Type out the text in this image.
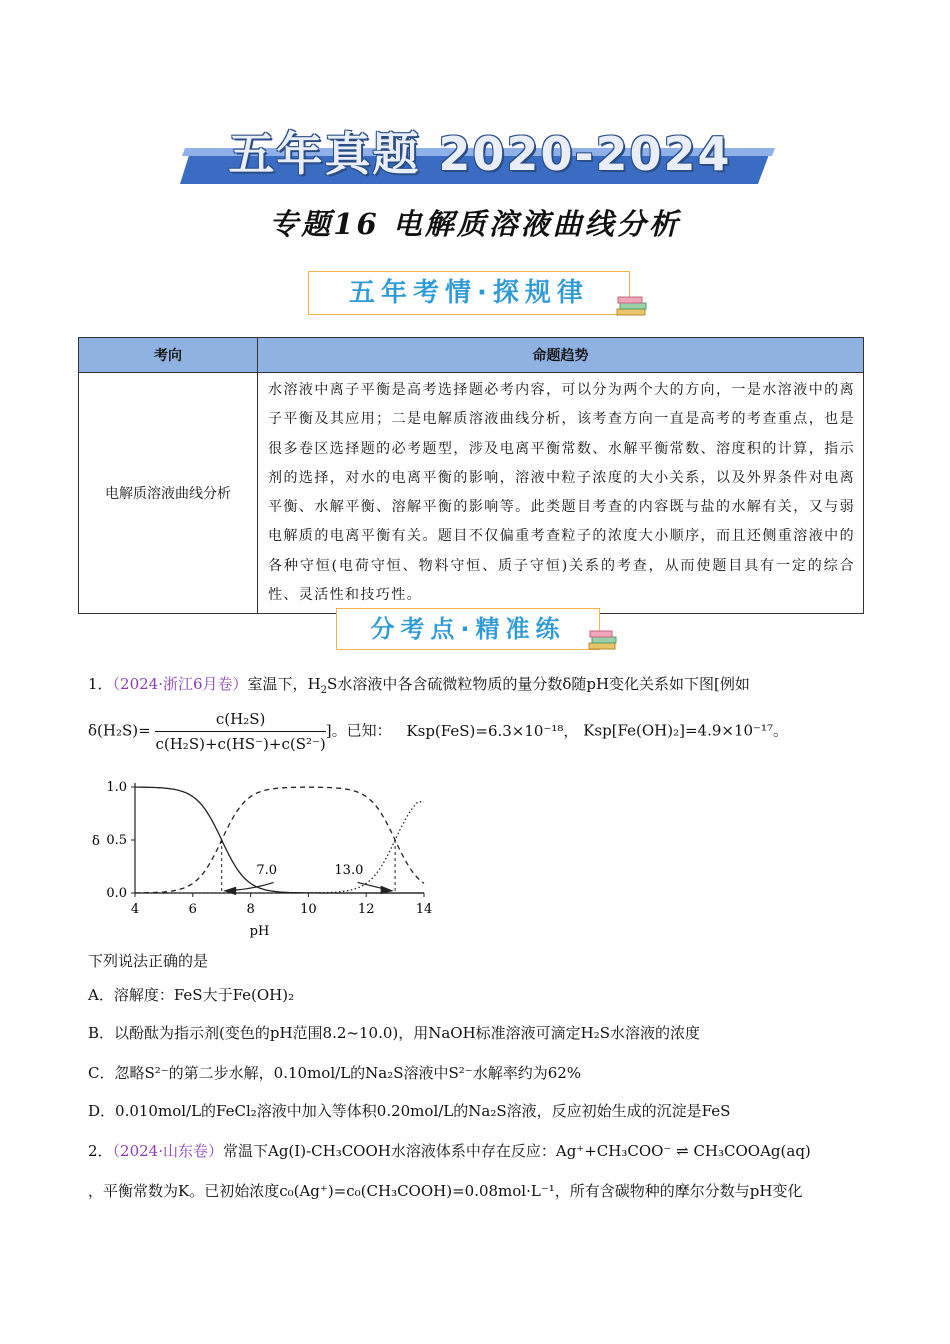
五年真题 2020-2024
专题16 电解质溶液曲线分析
五年考情·探规律
考向	命题趋势
电解质溶液曲线分析	水溶液中离子平衡是高考选择题必考内容，可以分为两个大的方向，一是水溶液中的离子平衡及其应用；二是电解质溶液曲线分析，该考查方向一直是高考的考查重点，也是很多卷区选择题的必考题型，涉及电离平衡常数、水解平衡常数、溶度积的计算，指示剂的选择，对水的电离平衡的影响，溶液中粒子浓度的大小关系，以及外界条件对电离平衡、水解平衡、溶解平衡的影响等。此类题目考查的内容既与盐的水解有关，又与弱电解质的电离平衡有关。题目不仅偏重考查粒子的浓度大小顺序，而且还侧重溶液中的各种守恒(电荷守恒、物料守恒、质子守恒)关系的考查，从而使题目具有一定的综合性、灵活性和技巧性。
分考点·精准练
1．（2024·浙江6月卷）室温下，$H_2S$水溶液中各含硫微粒物质的量分数δ随pH变化关系如下图[例如
$\delta(H_2S)= \frac{\text{c(H₂S)}}{\text{c(H₂S)+c(HS⁻)+c(S²⁻)}}$ ]。已知： Ksp(FeS)=6.3×10⁻¹⁸， Ksp[Fe(OH)₂]=4.9×10⁻¹⁷。
4	6	8	10	12	14
0.0
0.5
1.0
pH
δ
7.0	13.0
下列说法正确的是
A．溶解度：FeS大于Fe(OH)₂
B．以酚酞为指示剂(变色的pH范围8.2~10.0)，用NaOH标准溶液可滴定H₂S水溶液的浓度
C．忽略S²⁻的第二步水解，0.10mol/L的Na₂S溶液中S²⁻水解率约为62%
D．0.010mol/L的FeCl₂溶液中加入等体积0.20mol/L的Na₂S溶液，反应初始生成的沉淀是FeS
2．（2024·山东卷）常温下Ag(Ⅰ)-CH₃COOH水溶液体系中存在反应：Ag⁺+CH₃COO⁻ ⇌ CH₃COOAg(aq)
，平衡常数为K。已初始浓度c₀(Ag⁺)=c₀(CH₃COOH)=0.08mol·L⁻¹，所有含碳物种的摩尔分数与pH变化
